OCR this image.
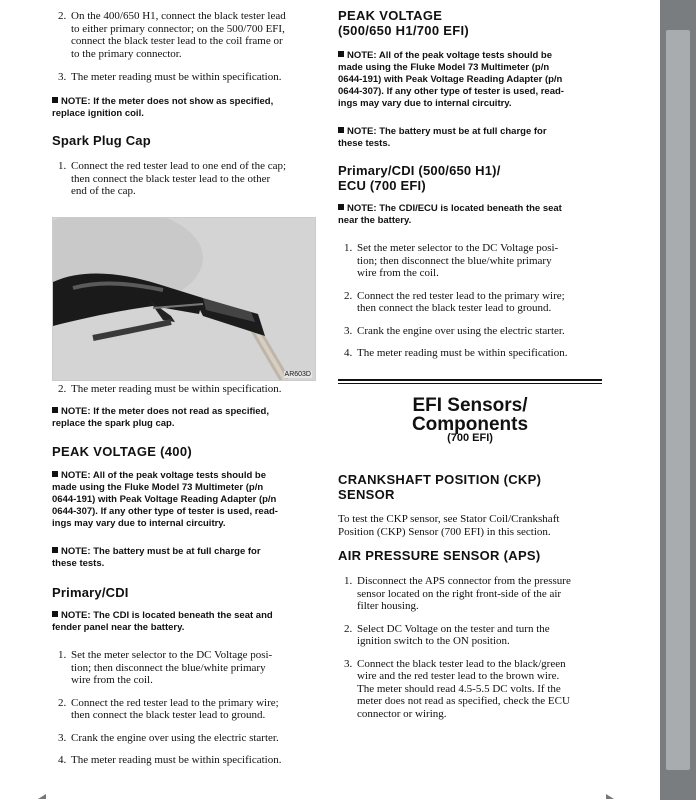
2. On the 400/650 H1, connect the black tester lead
to either primary connector; on the 500/700 EFI,
connect the black tester lead to the coil frame or
to the primary connector.
3. The meter reading must be within specification.

NOTE: If the meter does not show as specified,
replace ignition coil.

Spark Plug Cap
1. Connect the red tester lead to one end of the cap;
then connect the black tester lead to the other
end of the cap.
AR603D
2. The meter reading must be within specification.

NOTE: If the meter does not read as specified,
replace the spark plug cap.

PEAK VOLTAGE (400)

NOTE: All of the peak voltage tests should be
made using the Fluke Model 73 Multimeter (p/n
0644-191) with Peak Voltage Reading Adapter (p/n
0644-307). If any other type of tester is used, read-
ings may vary due to internal circuitry.

NOTE: The battery must be at full charge for
these tests.

Primary/CDI

NOTE: The CDI is located beneath the seat and
fender panel near the battery.

1. Set the meter selector to the DC Voltage posi-
tion; then disconnect the blue/white primary
wire from the coil.
2. Connect the red tester lead to the primary wire;
then connect the black tester lead to ground.
3. Crank the engine over using the electric starter.
4. The meter reading must be within specification.
PEAK VOLTAGE
(500/650 H1/700 EFI)

NOTE: All of the peak voltage tests should be
made using the Fluke Model 73 Multimeter (p/n
0644-191) with Peak Voltage Reading Adapter (p/n
0644-307). If any other type of tester is used, read-
ings may vary due to internal circuitry.

NOTE: The battery must be at full charge for
these tests.

Primary/CDI (500/650 H1)/
ECU (700 EFI)

NOTE: The CDI/ECU is located beneath the seat
near the battery.

1. Set the meter selector to the DC Voltage posi-
tion; then disconnect the blue/white primary
wire from the coil.
2. Connect the red tester lead to the primary wire;
then connect the black tester lead to ground.
3. Crank the engine over using the electric starter.
4. The meter reading must be within specification.
EFI Sensors/
Components
(700 EFI)
CRANKSHAFT POSITION (CKP)
SENSOR

To test the CKP sensor, see Stator Coil/Crankshaft
Position (CKP) Sensor (700 EFI) in this section.

AIR PRESSURE SENSOR (APS)
1. Disconnect the APS connector from the pressure
sensor located on the right front-side of the air
filter housing.
2. Select DC Voltage on the tester and turn the
ignition switch to the ON position.
3. Connect the black tester lead to the black/green
wire and the red tester lead to the brown wire.
The meter should read 4.5-5.5 DC volts. If the
meter does not read as specified, check the ECU
connector or wiring.
